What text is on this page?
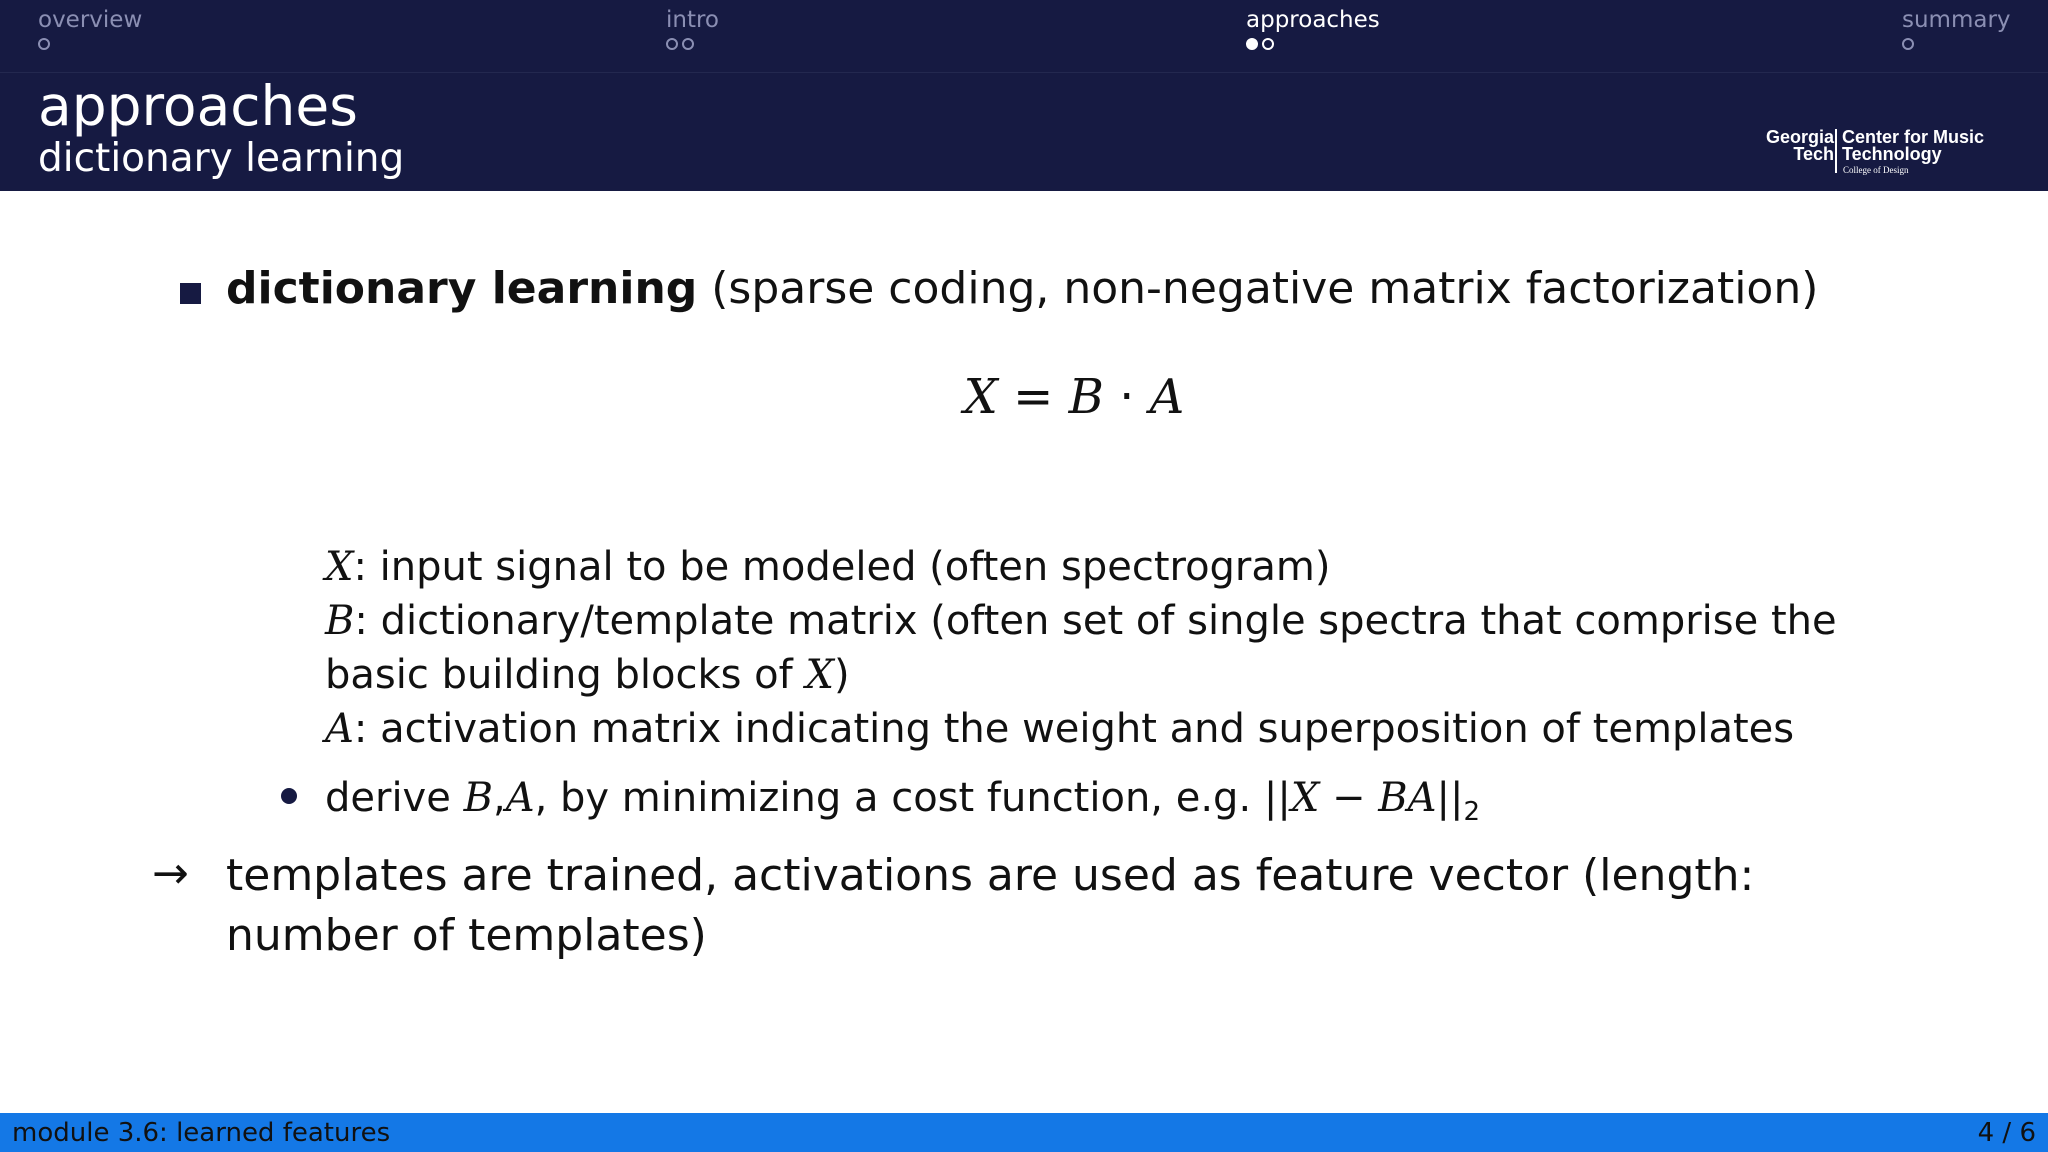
overview	intro	approaches	summary
approaches
dictionary learning	Georgia
Tech
Center for Music
Technology
College of Design
dictionary learning (sparse coding, non-negative matrix factorization)
X = B · A

X: input signal to be modeled (often spectrogram)

B: dictionary/template matrix (often set of single spectra that comprise the basic building blocks of X)

A: activation matrix indicating the weight and superposition of templates

derive B,A, by minimizing a cost function, e.g. $||X - BA||_2$
→ templates are trained, activations are used as feature vector (length: number of templates)
module 3.6: learned features	4 / 6
